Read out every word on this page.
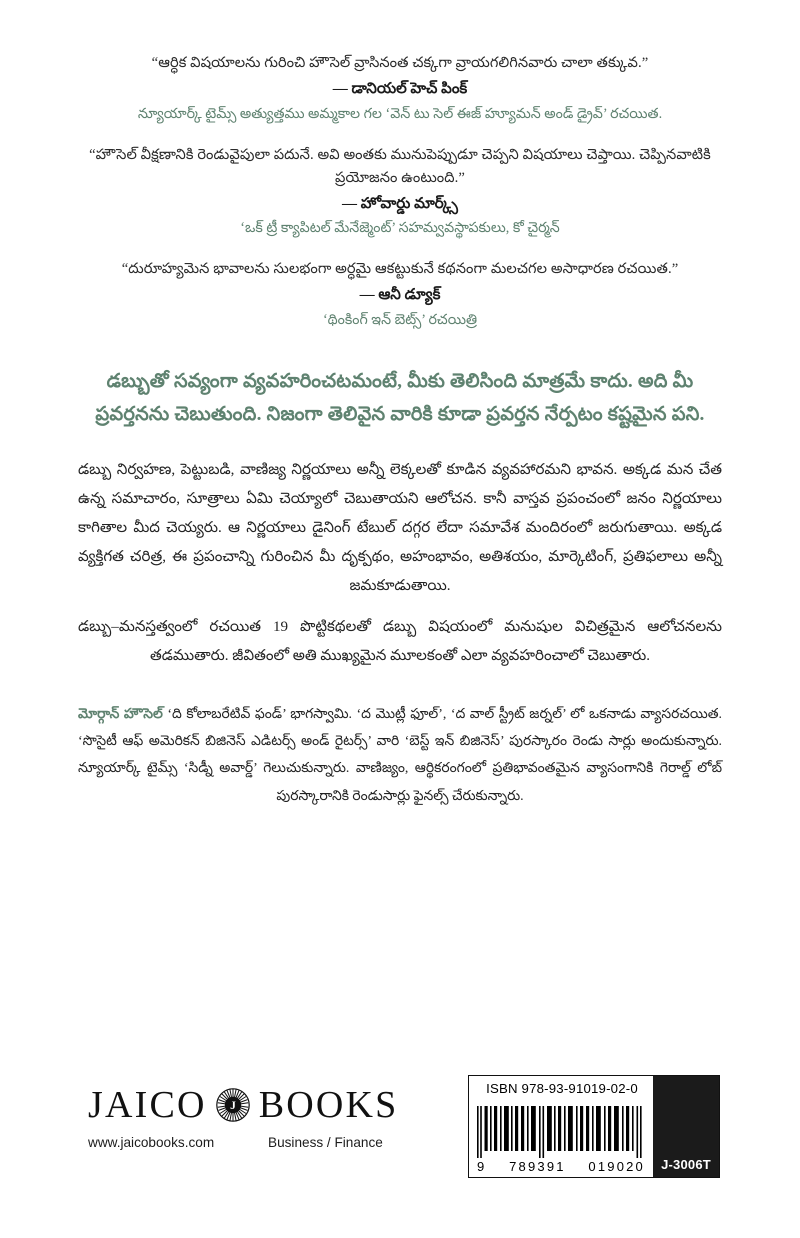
“ఆర్ధిక విషయాలను గురించి హౌసెల్ వ్రాసినంత చక్కగా వ్రాయగలిగినవారు చాలా తక్కువ.”
— డానియల్ హెచ్ పింక్
న్యూయార్క్ టైమ్స్ అత్యుత్తము అమ్మకాల గల ‘వెన్ టు సెల్ ఈజ్ హ్యూమన్ అండ్ డ్రైవ్’ రచయిత.
“హౌసెల్ వీక్షణానికి రెండువైపులా పదునే. అవి అంతకు మునుపెప్పుడూ చెప్పని విషయాలు చెప్తాయి. చెప్పినవాటికి ప్రయోజనం ఉంటుంది.”
— హోవార్డు మార్క్స్
‘ఒక్ ట్రీ క్యాపిటల్ మేనేజ్మెంట్’ సహమ్వవస్థాపకులు, కో చైర్మన్
“దురూహ్యమెన భావాలను సులభంగా అర్ధమై ఆకట్టుకునే కథనంగా మలచగల అసాధారణ రచయిత.”
— ఆనీ డ్యూక్
‘థింకింగ్ ఇన్ బెట్స్’ రచయిత్రి
డబ్బుతో సవ్యంగా వ్యవహరించటమంటే, మీకు తెలిసింది మాత్రమే కాదు. అది మీ ప్రవర్తనను చెబుతుంది. నిజంగా తెలివైన వారికి కూడా ప్రవర్తన నేర్పటం కష్టమైన పని.

డబ్బు నిర్వహణ, పెట్టుబడి, వాణిజ్య నిర్ణయాలు అన్నీ లెక్కలతో కూడిన వ్యవహారమని భావన. అక్కడ మన చేత ఉన్న సమాచారం, సూత్రాలు ఏమి చెయ్యాలో చెబుతాయని ఆలోచన. కానీ వాస్తవ ప్రపంచంలో జనం నిర్ణయాలు కాగితాల మీద చెయ్యరు. ఆ నిర్ణయాలు డైనింగ్ టేబుల్ దగ్గర లేదా సమావేశ మందిరంలో జరుగుతాయి. అక్కడ వ్యక్తిగత చరిత్ర, ఈ ప్రపంచాన్ని గురించిన మీ దృక్పథం, అహంభావం, అతిశయం, మార్కెటింగ్, ప్రతిఫలాలు అన్నీ జమకూడుతాయి.

డబ్బు–మనస్తత్వంలో రచయిత 19 పొట్టికథలతో డబ్బు విషయంలో మనుషుల విచిత్రమైన ఆలోచనలను తడముతారు. జీవితంలో అతి ముఖ్యమైన మూలకంతో ఎలా వ్యవహరించాలో చెబుతారు.

మోర్గాన్ హౌసెల్ ‘ది కోలాబరేటివ్ ఫండ్’ భాగస్వామి. ‘ద మొట్లీ ఫూల్’, ‘ద వాల్ స్ట్రీట్ జర్నల్’ లో ఒకనాడు వ్యాసరచయిత. ‘సొసైటీ ఆఫ్ అమెరికన్ బిజినెస్ ఎడిటర్స్ అండ్ రైటర్స్’ వారి ‘బెస్ట్ ఇన్ బిజినెస్’ పురస్కారం రెండు సార్లు అందుకున్నారు. న్యూయార్క్ టైమ్స్ ‘సిడ్నీ అవార్డ్’ గెలుచుకున్నారు. వాణిజ్యం, ఆర్థికరంగంలో ప్రతిభావంతమైన వ్యాసంగానికి గెరాల్డ్ లోబ్ పురస్కారానికి రెండుసార్లు ఫైనల్స్ చేరుకున్నారు.

JAICO J BOOKS
www.jaicobooks.com	Business / Finance
ISBN 978-93-91019-02-0
9 789391 019020 J-3006T
